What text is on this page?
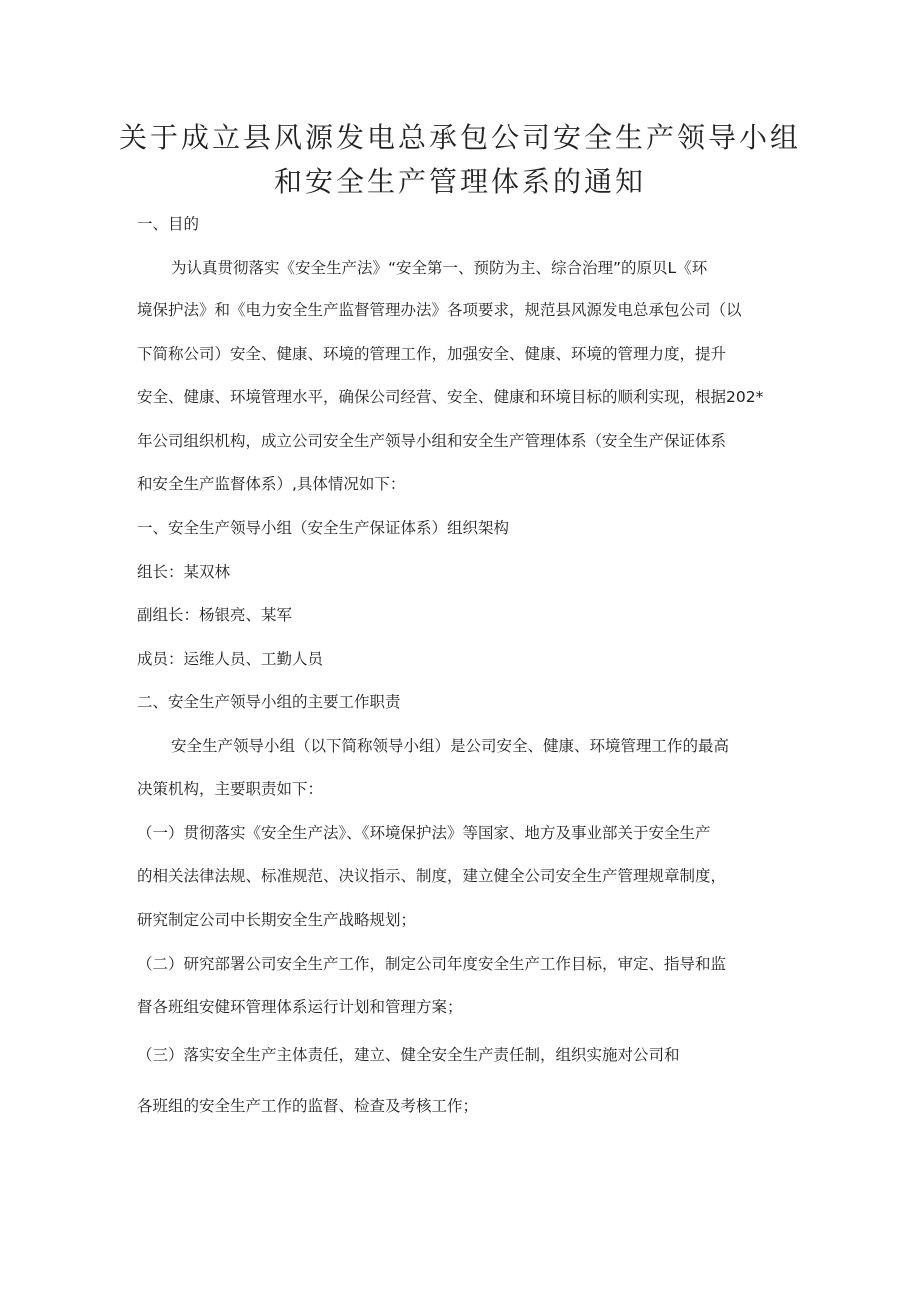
关于成立县风源发电总承包公司安全生产领导小组
和安全生产管理体系的通知
一、目的
为认真贯彻落实《安全生产法》“安全第一、预防为主、综合治理”的原贝L《环
境保护法》和《电力安全生产监督管理办法》各项要求，规范县风源发电总承包公司（以
下简称公司）安全、健康、环境的管理工作，加强安全、健康、环境的管理力度，提升
安全、健康、环境管理水平，确保公司经营、安全、健康和环境目标的顺利实现，根据202*
年公司组织机构，成立公司安全生产领导小组和安全生产管理体系（安全生产保证体系
和安全生产监督体系）,具体情况如下：
一、安全生产领导小组（安全生产保证体系）组织架构
组长：某双林
副组长：杨银亮、某军
成员：运维人员、工勤人员
二、安全生产领导小组的主要工作职责
安全生产领导小组（以下简称领导小组）是公司安全、健康、环境管理工作的最高
决策机构，主要职责如下：
（一）贯彻落实《安全生产法》、《环境保护法》等国家、地方及事业部关于安全生产
的相关法律法规、标准规范、决议指示、制度，建立健全公司安全生产管理规章制度，
研究制定公司中长期安全生产战略规划；
（二）研究部署公司安全生产工作，制定公司年度安全生产工作目标，审定、指导和监
督各班组安健环管理体系运行计划和管理方案；
（三）落实安全生产主体责任，建立、健全安全生产责任制，组织实施对公司和
各班组的安全生产工作的监督、检查及考核工作；
